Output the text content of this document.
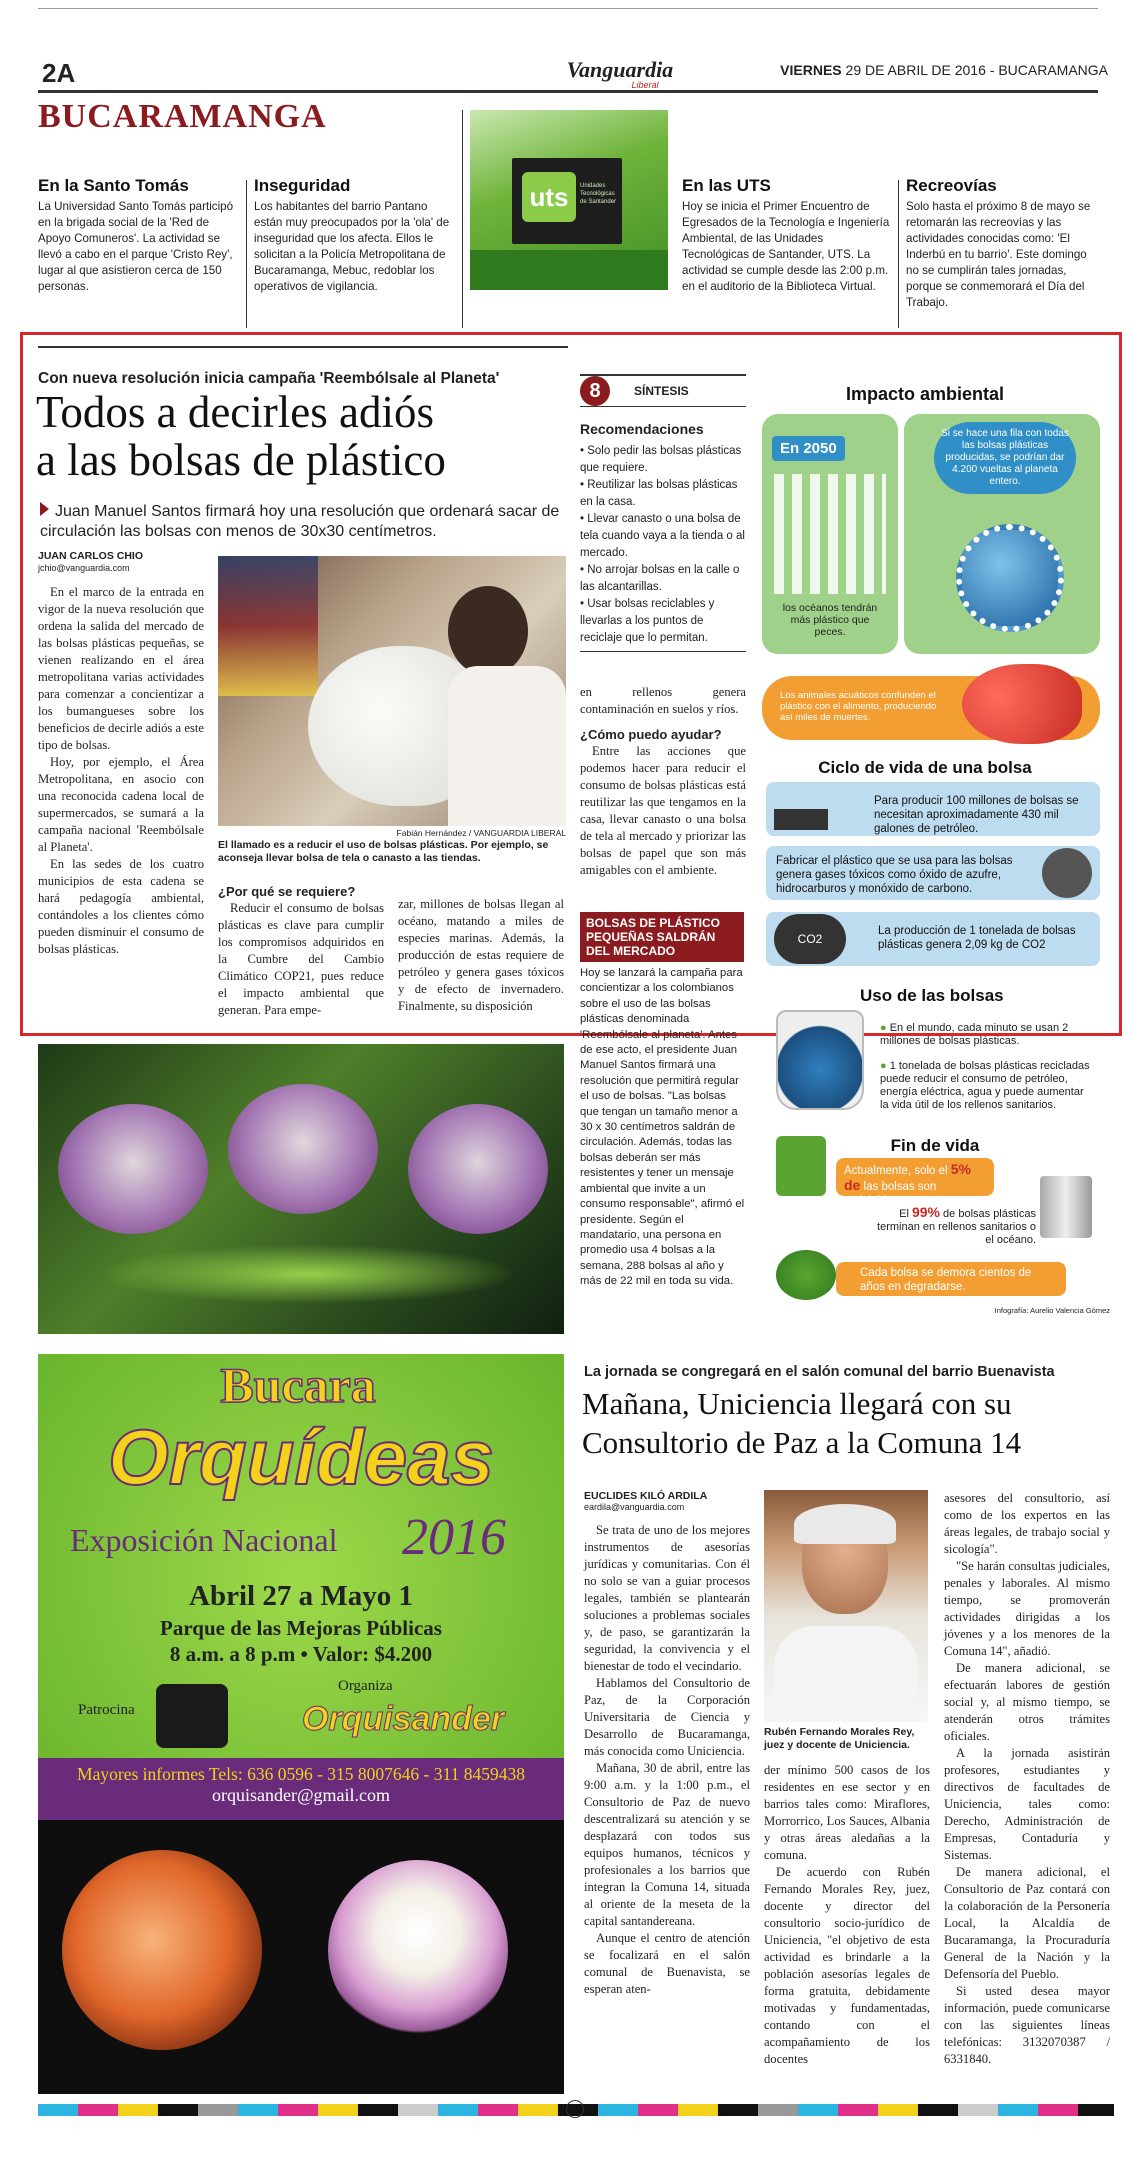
2A	Vanguardia
Liberal
VIERNES 29 DE ABRIL DE 2016 - BUCARAMANGA
BUCARAMANGA
uts	Unidades Tecnológicas de Santander
En la Santo Tomás

La Universidad Santo Tomás participó en la brigada social de la 'Red de Apoyo Comuneros'. La actividad se llevó a cabo en el parque 'Cristo Rey', lugar al que asistieron cerca de 150 personas.

Inseguridad

Los habitantes del barrio Pantano están muy preocupados por la 'ola' de inseguridad que los afecta. Ellos le solicitan a la Policía Metropolitana de Bucaramanga, Mebuc, redoblar los operativos de vigilancia.

En las UTS

Hoy se inicia el Primer Encuentro de Egresados de la Tecnología e Ingeniería Ambiental, de las Unidades Tecnológicas de Santander, UTS. La actividad se cumple desde las 2:00 p.m. en el auditorio de la Biblioteca Virtual.

Recreovías

Solo hasta el próximo 8 de mayo se retomarán las recreovías y las actividades conocidas como: 'El Inderbú en tu barrio'. Este domingo no se cumplirán tales jornadas, porque se conmemorará el Día del Trabajo.

Con nueva resolución inicia campaña 'Reembólsale al Planeta'
Todos a decirles adiós
a las bolsas de plástico
Juan Manuel Santos firmará hoy una resolución que ordenará sacar de circulación las bolsas con menos de 30x30 centímetros.
JUAN CARLOS CHIO
jchio@vanguardia.com

En el marco de la entrada en vigor de la nueva resolución que ordena la salida del mercado de las bolsas plásticas pequeñas, se vienen realizando en el área metropolitana varias actividades para comenzar a concientizar a los bumangueses sobre los beneficios de decirle adiós a este tipo de bolsas.

Hoy, por ejemplo, el Área Metropolitana, en asocio con una reconocida cadena local de supermercados, se sumará a la campaña nacional 'Reembólsale al Planeta'.

En las sedes de los cuatro municipios de esta cadena se hará pedagogía ambiental, contándoles a los clientes cómo pueden disminuir el consumo de bolsas plásticas.

Fabián Hernández / VANGUARDIA LIBERAL
El llamado es a reducir el uso de bolsas plásticas. Por ejemplo, se aconseja llevar bolsa de tela o canasto a las tiendas.

¿Por qué se requiere?

Reducir el consumo de bolsas plásticas es clave para cumplir los compromisos adquiridos en la Cumbre del Cambio Climático COP21, pues reduce el impacto ambiental que generan. Para empe-

zar, millones de bolsas llegan al océano, matando a miles de especies marinas. Además, la producción de estas requiere de petróleo y genera gases tóxicos y de efecto de invernadero. Finalmente, su disposición

8	SÍNTESIS
Recomendaciones
• Solo pedir las bolsas plásticas que requiere.
• Reutilizar las bolsas plásticas en la casa.
• Llevar canasto o una bolsa de tela cuando vaya a la tienda o al mercado.
• No arrojar bolsas en la calle o las alcantarillas.
• Usar bolsas reciclables y llevarlas a los puntos de reciclaje que lo permitan.

en rellenos genera contaminación en suelos y ríos.

¿Cómo puedo ayudar?

Entre las acciones que podemos hacer para reducir el consumo de bolsas plásticas está reutilizar las que tengamos en la casa, llevar canasto o una bolsa de tela al mercado y priorizar las bolsas de papel que son más amigables con el ambiente.

BOLSAS DE PLÁSTICO PEQUEÑAS SALDRÁN DEL MERCADO
Hoy se lanzará la campaña para concientizar a los colombianos sobre el uso de las bolsas plásticas denominada 'Reembólsale al planeta'. Antes de ese acto, el presidente Juan Manuel Santos firmará una resolución que permitirá regular el uso de bolsas. "Las bolsas que tengan un tamaño menor a 30 x 30 centímetros saldrán de circulación. Además, todas las bolsas deberán ser más resistentes y tener un mensaje ambiental que invite a un consumo responsable", afirmó el presidente. Según el mandatario, una persona en promedio usa 4 bolsas a la semana, 288 bolsas al año y más de 22 mil en toda su vida.
Impacto ambiental
En 2050
los océanos tendrán más plástico que peces.
Si se hace una fila con todas las bolsas plásticas producidas, se podrían dar 4.200 vueltas al planeta entero.
Los animales acuáticos confunden el plástico con el alimento, produciendo así miles de muertes.
Ciclo de vida de una bolsa
Para producir 100 millones de bolsas se necesitan aproximadamente 430 mil galones de petróleo.
Fabricar el plástico que se usa para las bolsas genera gases tóxicos como óxido de azufre, hidrocarburos y monóxido de carbono.
CO2
La producción de 1 tonelada de bolsas plásticas genera 2,09 kg de CO2
Uso de las bolsas
● En el mundo, cada minuto se usan 2 millones de bolsas plásticas.
● 1 tonelada de bolsas plásticas recicladas puede reducir el consumo de petróleo, energía eléctrica, agua y puede aumentar la vida útil de los rellenos sanitarios.
Fin de vida
Actualmente, solo el 5% de las bolsas son reciclables.
El 99% de bolsas plásticas terminan en rellenos sanitarios o el océano.
Cada bolsa se demora cientos de años en degradarse.
Infografía: Aurelio Valencia Gómez
Bucara
Orquídeas
Exposición Nacional 2016
Abril 27 a Mayo 1
Parque de las Mejoras Públicas
8 a.m. a 8 p.m • Valor: $4.200
Patrocina
Organiza
Orquisander
Mayores informes Tels: 636 0596 - 315 8007646 - 311 8459438
orquisander@gmail.com
La jornada se congregará en el salón comunal del barrio Buenavista
Mañana, Uniciencia llegará con su
Consultorio de Paz a la Comuna 14
EUCLIDES KILÓ ARDILA
eardila@vanguardia.com

Se trata de uno de los mejores instrumentos de asesorías jurídicas y comunitarias. Con él no solo se van a guiar procesos legales, también se plantearán soluciones a problemas sociales y, de paso, se garantizarán la seguridad, la convivencia y el bienestar de todo el vecindario.

Hablamos del Consultorio de Paz, de la Corporación Universitaria de Ciencia y Desarrollo de Bucaramanga, más conocida como Uniciencia.

Mañana, 30 de abril, entre las 9:00 a.m. y la 1:00 p.m., el Consultorio de Paz de nuevo descentralizará su atención y se desplazará con todos sus equipos humanos, técnicos y profesionales a los barrios que integran la Comuna 14, situada al oriente de la meseta de la capital santandereana.

Aunque el centro de atención se focalizará en el salón comunal de Buenavista, se esperan aten-

Rubén Fernando Morales Rey,
juez y docente de Uniciencia.

der mínimo 500 casos de los residentes en ese sector y en barrios tales como: Miraflores, Morrorrico, Los Sauces, Albania y otras áreas aledañas a la comuna.

De acuerdo con Rubén Fernando Morales Rey, juez, docente y director del consultorio socio-jurídico de Uniciencia, "el objetivo de esta actividad es brindarle a la población asesorías legales de forma gratuita, debidamente motivadas y fundamentadas, contando con el acompañamiento de los docentes

asesores del consultorio, así como de los expertos en las áreas legales, de trabajo social y sicología".

"Se harán consultas judiciales, penales y laborales. Al mismo tiempo, se promoverán actividades dirigidas a los jóvenes y a los menores de la Comuna 14", añadió.

De manera adicional, se efectuarán labores de gestión social y, al mismo tiempo, se atenderán otros trámites oficiales.

A la jornada asistirán profesores, estudiantes y directivos de facultades de Uniciencia, tales como: Derecho, Administración de Empresas, Contaduría y Sistemas.

De manera adicional, el Consultorio de Paz contará con la colaboración de la Personería Local, la Alcaldía de Bucaramanga, la Procuraduría General de la Nación y la Defensoría del Pueblo.

Si usted desea mayor información, puede comunicarse con las siguientes líneas telefónicas: 3132070387 / 6331840.
